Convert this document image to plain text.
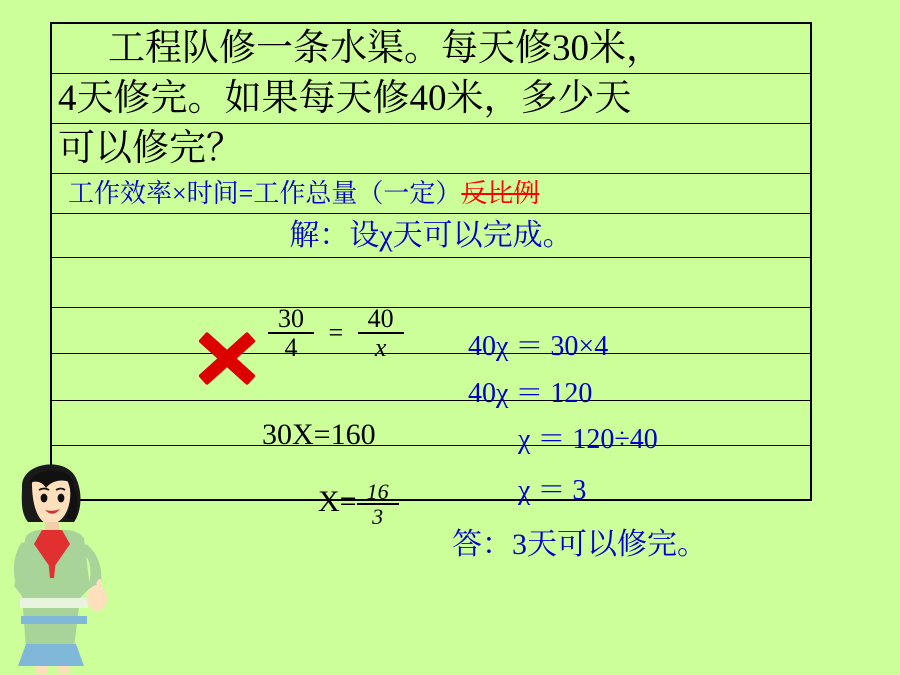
工程队修一条水渠。每天修30米，
4天修完。如果每天修40米，多少天
可以修完？
工作效率×时间=工作总量（一定）反比例
解：设χ天可以完成。
$\frac{30}{4} = \frac{40}{x}$
30X=160
$X= \frac{16}{3}$
40χ ＝ 30×4
40χ ＝ 120
χ ＝ 120÷40
χ ＝ 3
答：3天可以修完。
